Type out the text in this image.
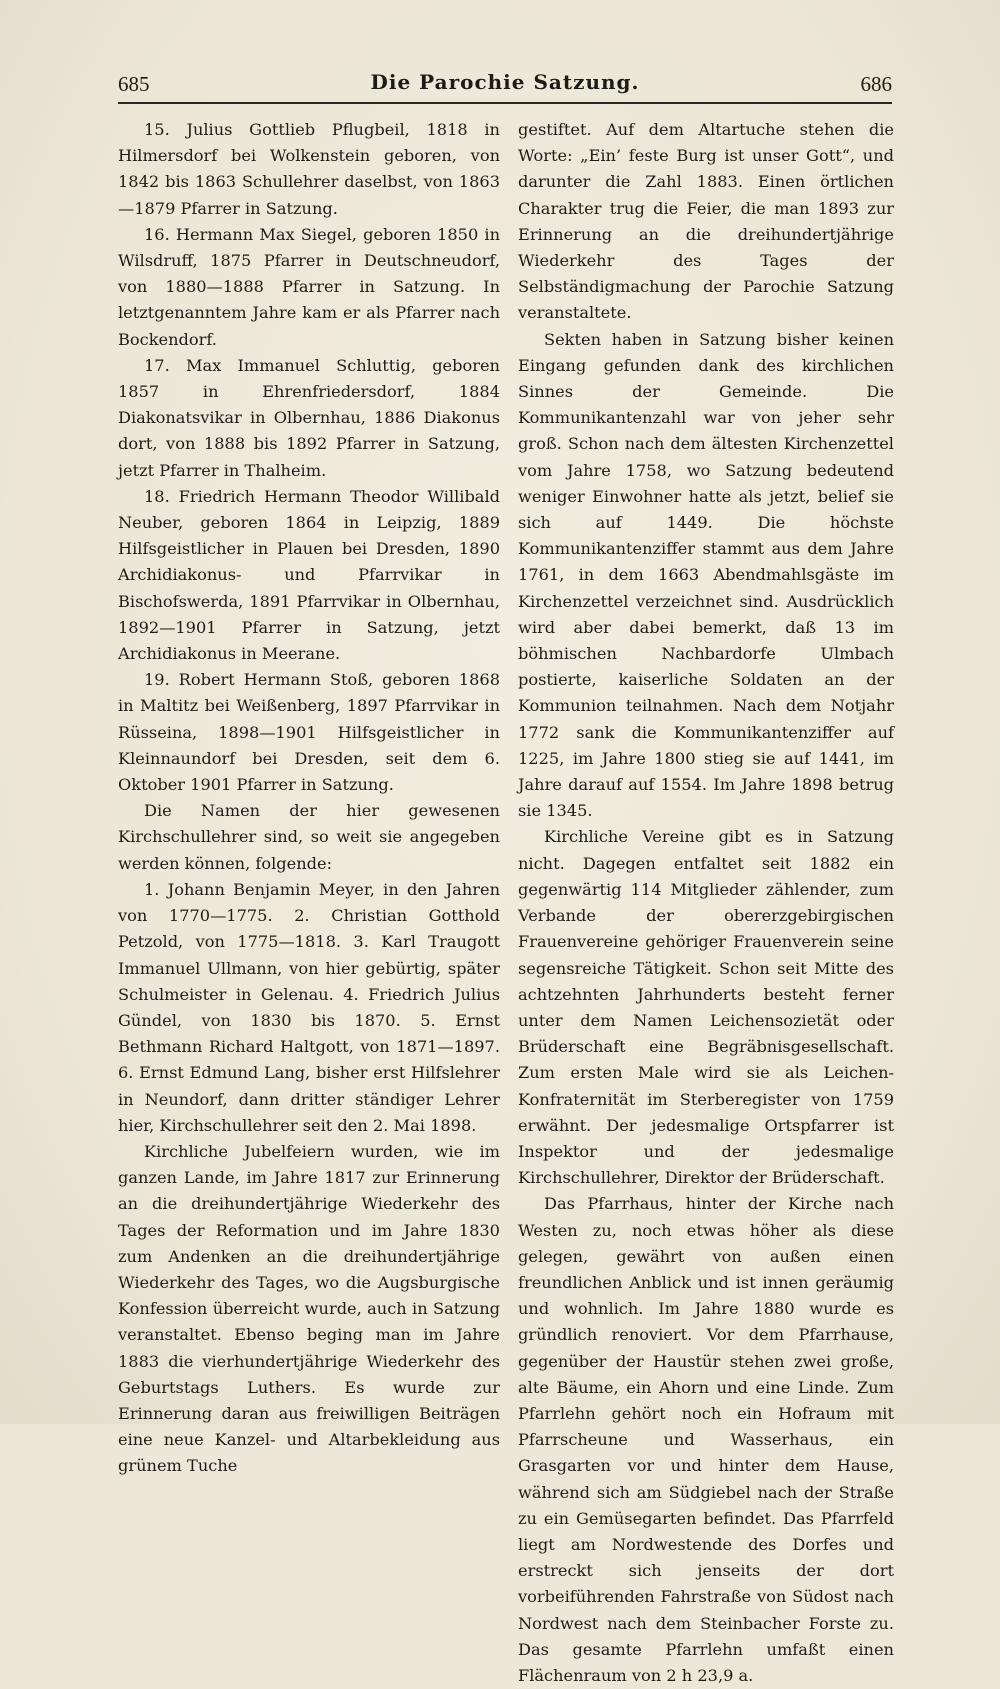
685	Die Parochie Satzung.	686

15. Julius Gottlieb Pflugbeil, 1818 in Hilmersdorf bei Wolkenstein geboren, von 1842 bis 1863 Schullehrer daselbst, von 1863—1879 Pfarrer in Satzung.

16. Hermann Max Siegel, geboren 1850 in Wilsdruff, 1875 Pfarrer in Deutschneudorf, von 1880—1888 Pfarrer in Satzung. In letztgenanntem Jahre kam er als Pfarrer nach Bockendorf.

17. Max Immanuel Schluttig, geboren 1857 in Ehrenfriedersdorf, 1884 Diakonatsvikar in Olbernhau, 1886 Diakonus dort, von 1888 bis 1892 Pfarrer in Satzung, jetzt Pfarrer in Thalheim.

18. Friedrich Hermann Theodor Willibald Neuber, geboren 1864 in Leipzig, 1889 Hilfsgeistlicher in Plauen bei Dresden, 1890 Archidiakonus- und Pfarrvikar in Bischofswerda, 1891 Pfarrvikar in Olbernhau, 1892—1901 Pfarrer in Satzung, jetzt Archidiakonus in Meerane.

19. Robert Hermann Stoß, geboren 1868 in Maltitz bei Weißenberg, 1897 Pfarrvikar in Rüsseina, 1898—1901 Hilfsgeistlicher in Kleinnaundorf bei Dresden, seit dem 6. Oktober 1901 Pfarrer in Satzung.

Die Namen der hier gewesenen Kirchschullehrer sind, so weit sie angegeben werden können, folgende:

1. Johann Benjamin Meyer, in den Jahren von 1770—1775. 2. Christian Gotthold Petzold, von 1775—1818. 3. Karl Traugott Immanuel Ullmann, von hier gebürtig, später Schulmeister in Gelenau. 4. Friedrich Julius Gündel, von 1830 bis 1870. 5. Ernst Bethmann Richard Haltgott, von 1871—1897. 6. Ernst Edmund Lang, bisher erst Hilfslehrer in Neundorf, dann dritter ständiger Lehrer hier, Kirchschullehrer seit den 2. Mai 1898.

Kirchliche Jubelfeiern wurden, wie im ganzen Lande, im Jahre 1817 zur Erinnerung an die dreihundertjährige Wiederkehr des Tages der Reformation und im Jahre 1830 zum Andenken an die dreihundertjährige Wiederkehr des Tages, wo die Augsburgische Konfession überreicht wurde, auch in Satzung veranstaltet. Ebenso beging man im Jahre 1883 die vierhundertjährige Wiederkehr des Geburtstags Luthers. Es wurde zur Erinnerung daran aus freiwilligen Beiträgen eine neue Kanzel- und Altarbekleidung aus grünem Tuche

gestiftet. Auf dem Altartuche stehen die Worte: „Ein’ feste Burg ist unser Gott“, und darunter die Zahl 1883. Einen örtlichen Charakter trug die Feier, die man 1893 zur Erinnerung an die dreihundertjährige Wiederkehr des Tages der Selbständigmachung der Parochie Satzung veranstaltete.

Sekten haben in Satzung bisher keinen Eingang gefunden dank des kirchlichen Sinnes der Gemeinde. Die Kommunikantenzahl war von jeher sehr groß. Schon nach dem ältesten Kirchenzettel vom Jahre 1758, wo Satzung bedeutend weniger Einwohner hatte als jetzt, belief sie sich auf 1449. Die höchste Kommunikantenziffer stammt aus dem Jahre 1761, in dem 1663 Abendmahlsgäste im Kirchenzettel verzeichnet sind. Ausdrücklich wird aber dabei bemerkt, daß 13 im böhmischen Nachbardorfe Ulmbach postierte, kaiserliche Soldaten an der Kommunion teilnahmen. Nach dem Notjahr 1772 sank die Kommunikantenziffer auf 1225, im Jahre 1800 stieg sie auf 1441, im Jahre darauf auf 1554. Im Jahre 1898 betrug sie 1345.

Kirchliche Vereine gibt es in Satzung nicht. Dagegen entfaltet seit 1882 ein gegenwärtig 114 Mitglieder zählender, zum Verbande der obererzgebirgischen Frauenvereine gehöriger Frauenverein seine segensreiche Tätigkeit. Schon seit Mitte des achtzehnten Jahrhunderts besteht ferner unter dem Namen Leichensozietät oder Brüderschaft eine Begräbnisgesellschaft. Zum ersten Male wird sie als Leichen-Konfraternität im Sterberegister von 1759 erwähnt. Der jedesmalige Ortspfarrer ist Inspektor und der jedesmalige Kirchschullehrer, Direktor der Brüderschaft.

Das Pfarrhaus, hinter der Kirche nach Westen zu, noch etwas höher als diese gelegen, gewährt von außen einen freundlichen Anblick und ist innen geräumig und wohnlich. Im Jahre 1880 wurde es gründlich renoviert. Vor dem Pfarrhause, gegenüber der Haustür stehen zwei große, alte Bäume, ein Ahorn und eine Linde. Zum Pfarrlehn gehört noch ein Hofraum mit Pfarrscheune und Wasserhaus, ein Grasgarten vor und hinter dem Hause, während sich am Südgiebel nach der Straße zu ein Gemüsegarten befindet. Das Pfarrfeld liegt am Nordwestende des Dorfes und erstreckt sich jenseits der dort vorbeiführenden Fahrstraße von Südost nach Nordwest nach dem Steinbacher Forste zu. Das gesamte Pfarrlehn umfaßt einen Flächenraum von 2 h 23,9 a.
